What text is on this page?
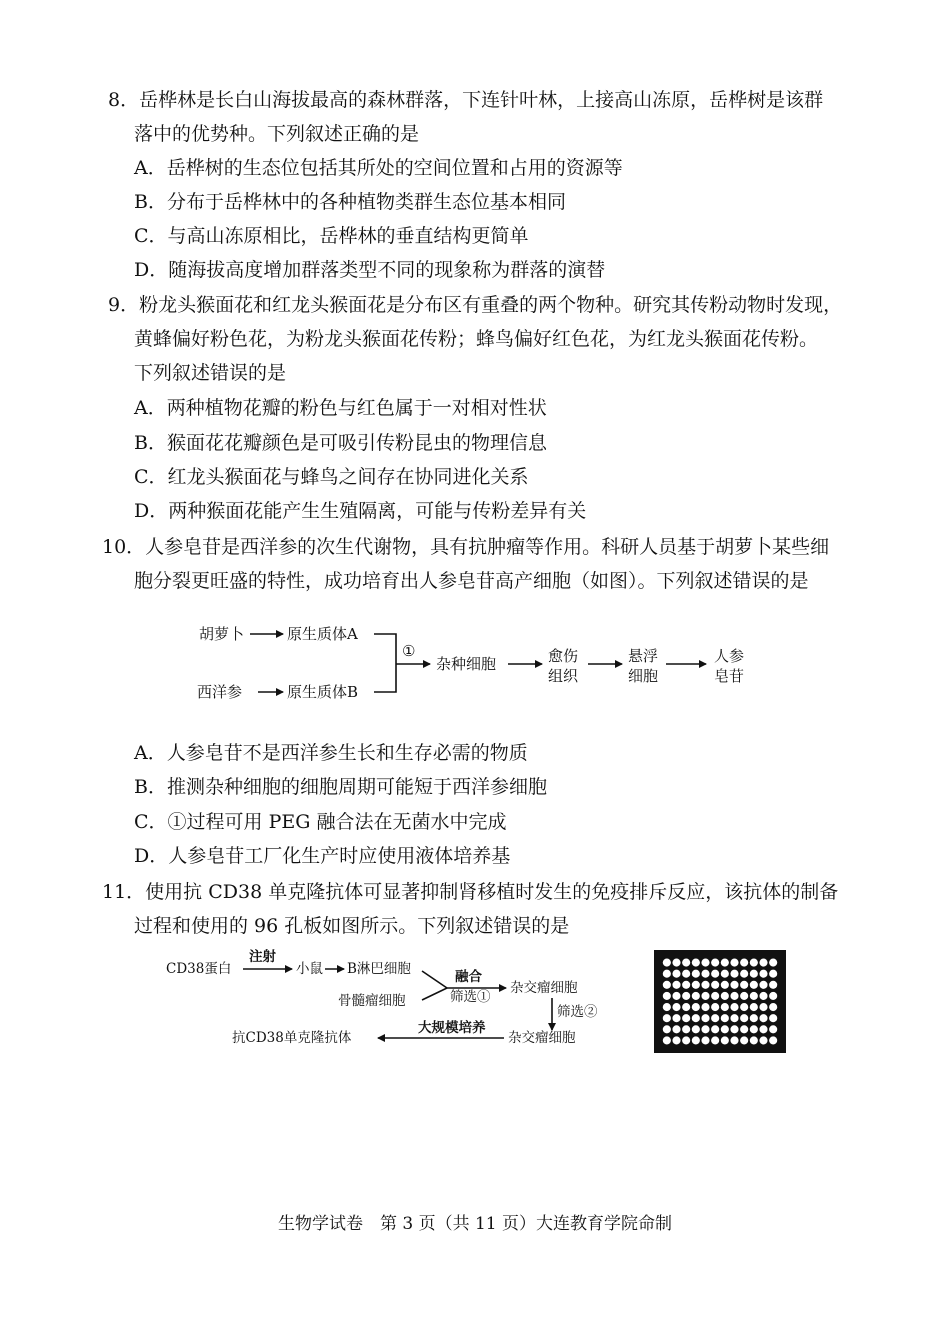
8．岳桦林是长白山海拔最高的森林群落，下连针叶林，上接高山冻原，岳桦树是该群
落中的优势种。下列叙述正确的是
A．岳桦树的生态位包括其所处的空间位置和占用的资源等
B．分布于岳桦林中的各种植物类群生态位基本相同
C．与高山冻原相比，岳桦林的垂直结构更简单
D．随海拔高度增加群落类型不同的现象称为群落的演替
9．粉龙头猴面花和红龙头猴面花是分布区有重叠的两个物种。研究其传粉动物时发现，
黄蜂偏好粉色花，为粉龙头猴面花传粉；蜂鸟偏好红色花，为红龙头猴面花传粉。
下列叙述错误的是
A．两种植物花瓣的粉色与红色属于一对相对性状
B．猴面花花瓣颜色是可吸引传粉昆虫的物理信息
C．红龙头猴面花与蜂鸟之间存在协同进化关系
D．两种猴面花能产生生殖隔离，可能与传粉差异有关
10．人参皂苷是西洋参的次生代谢物，具有抗肿瘤等作用。科研人员基于胡萝卜某些细
胞分裂更旺盛的特性，成功培育出人参皂苷高产细胞（如图）。下列叙述错误的是
胡萝卜	原生质体A
西洋参	原生质体B
①
杂种细胞	愈伤
组织
悬浮
细胞
人参
皂苷
A．人参皂苷不是西洋参生长和生存必需的物质
B．推测杂种细胞的细胞周期可能短于西洋参细胞
C．①过程可用 PEG 融合法在无菌水中完成
D．人参皂苷工厂化生产时应使用液体培养基
11．使用抗 CD38 单克隆抗体可显著抑制肾移植时发生的免疫排斥反应，该抗体的制备
过程和使用的 96 孔板如图所示。下列叙述错误的是
CD38蛋白
注射
小鼠 B淋巴细胞
骨髓瘤细胞
融合
筛选①
杂交瘤细胞
筛选②
杂交瘤细胞
大规模培养
抗CD38单克隆抗体
生物学试卷　第 3 页（共 11 页）大连教育学院命制
